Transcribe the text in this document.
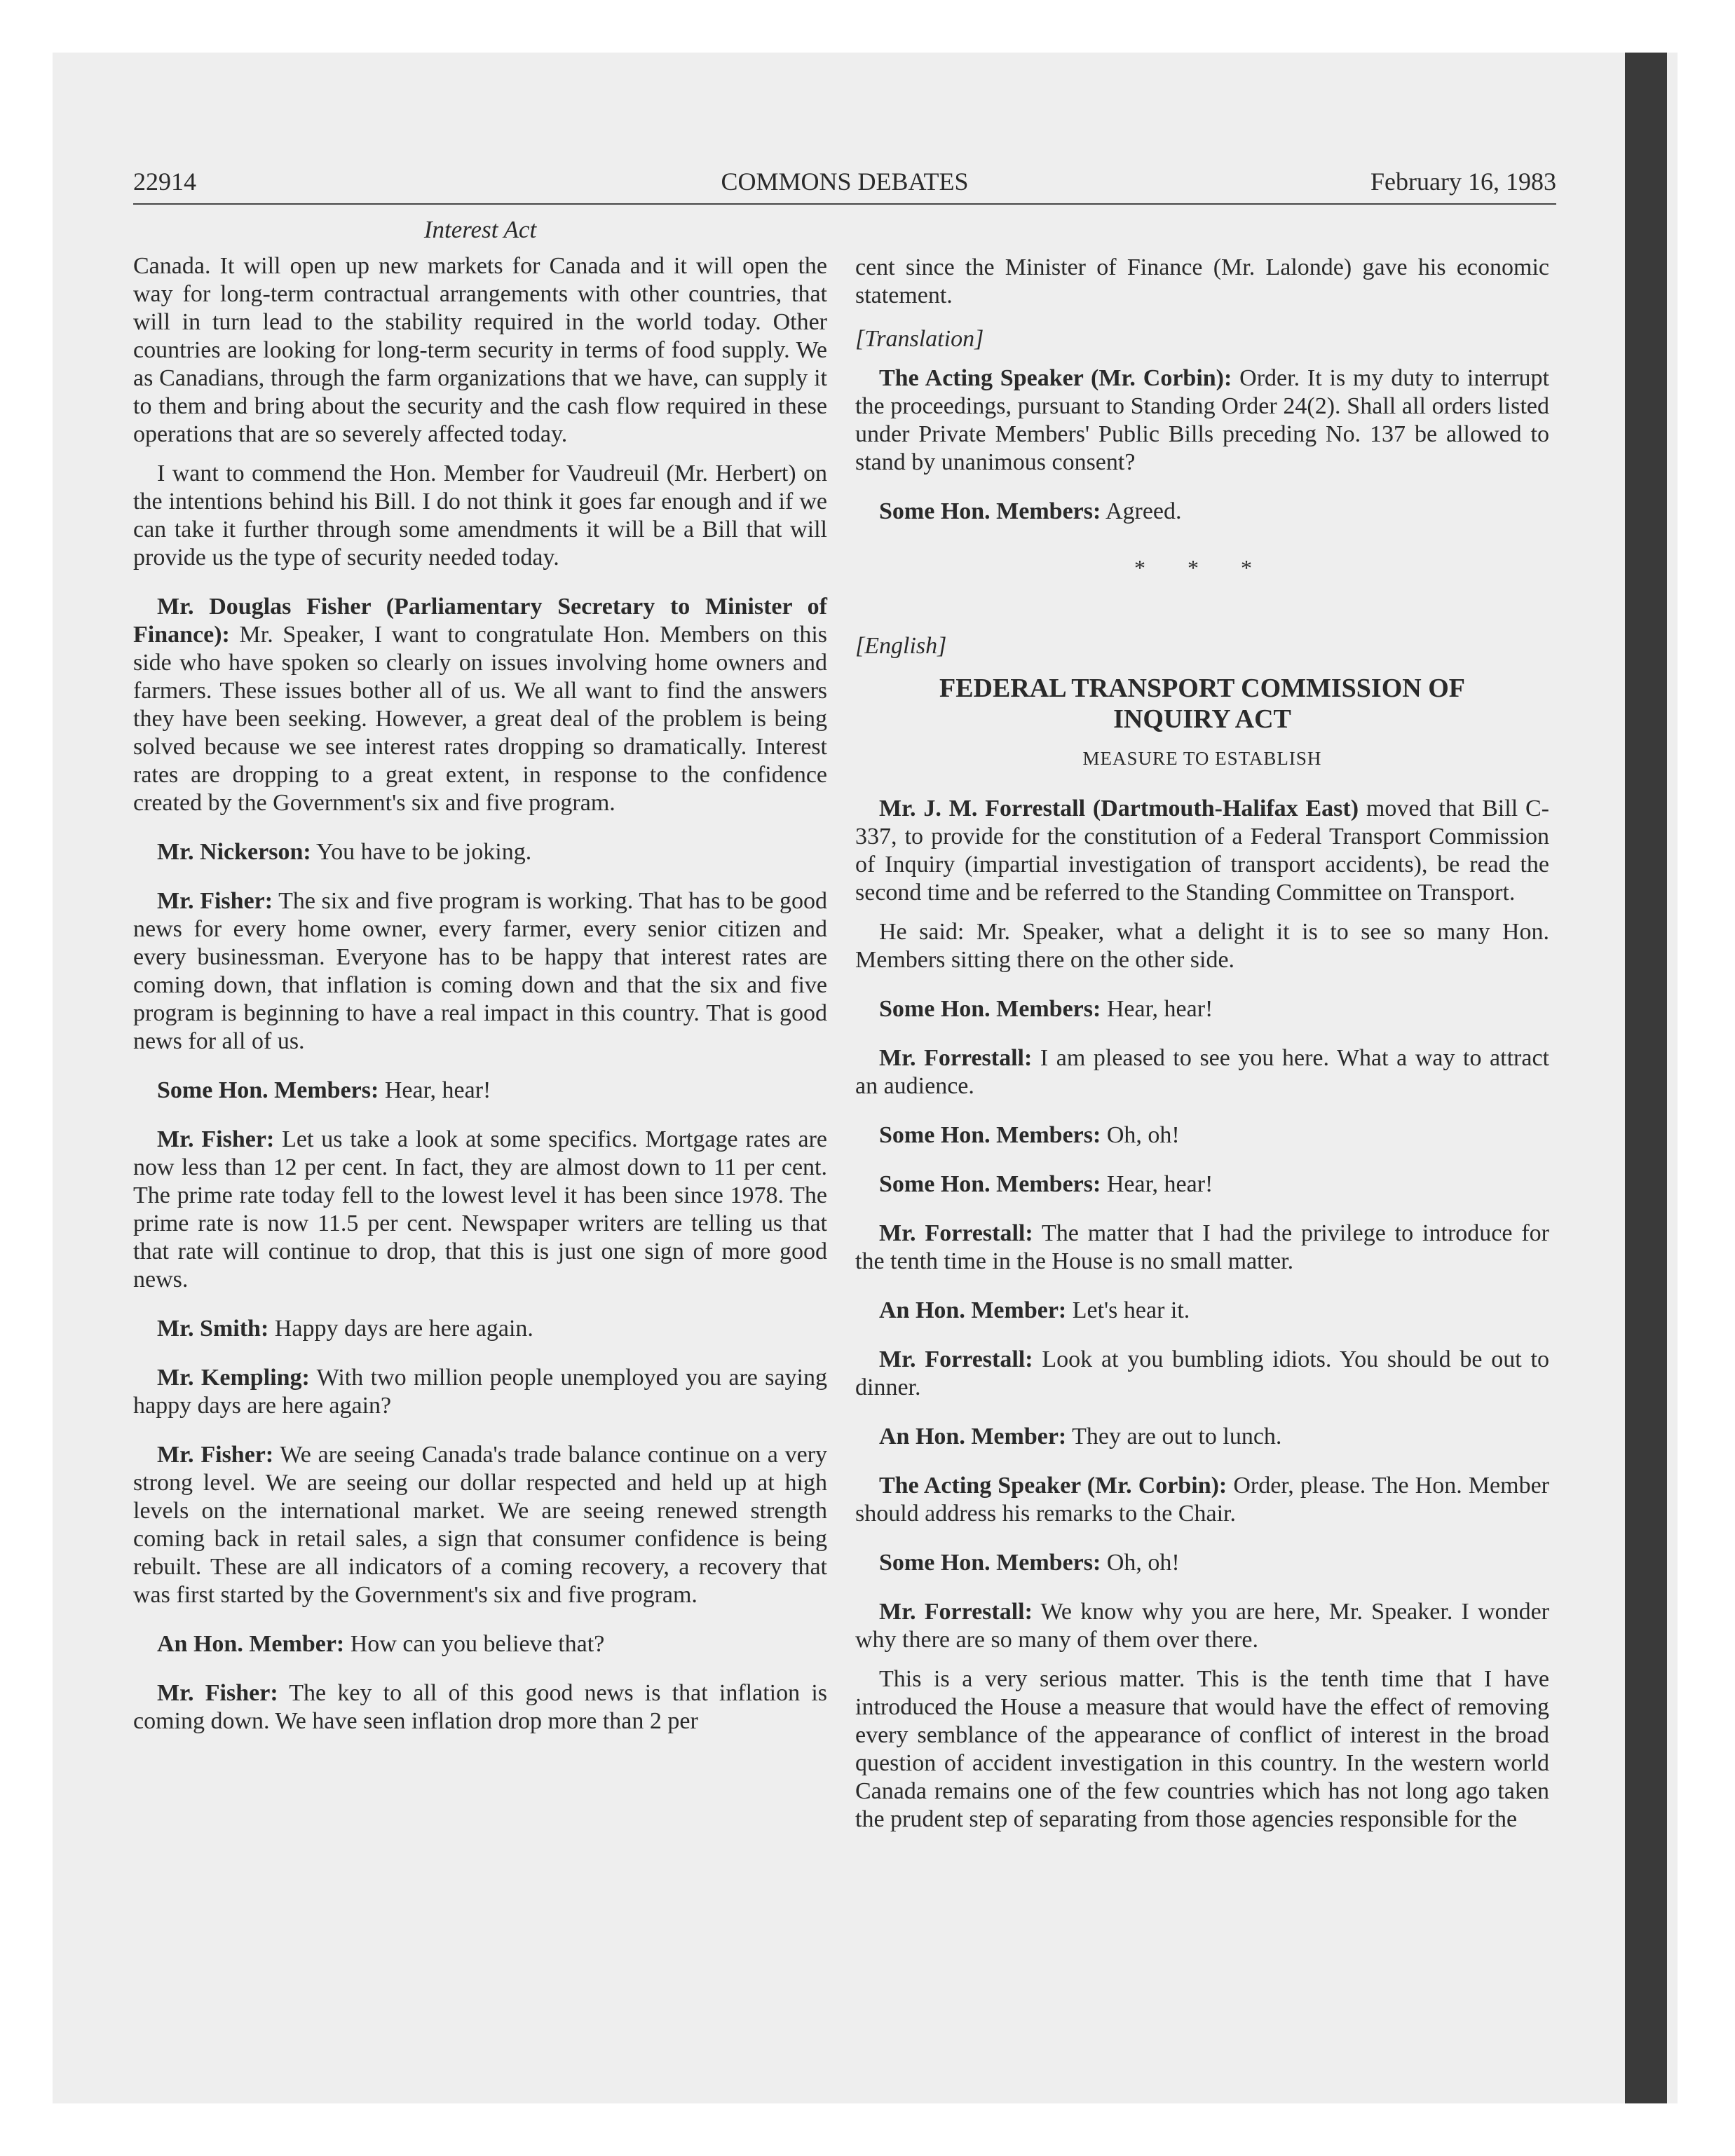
22914	COMMONS DEBATES	February 16, 1983
Interest Act

Canada. It will open up new markets for Canada and it will open the way for long-term contractual arrangements with other countries, that will in turn lead to the stability required in the world today. Other countries are looking for long-term security in terms of food supply. We as Canadians, through the farm organizations that we have, can supply it to them and bring about the security and the cash flow required in these operations that are so severely affected today.

I want to commend the Hon. Member for Vaudreuil (Mr. Herbert) on the intentions behind his Bill. I do not think it goes far enough and if we can take it further through some amendments it will be a Bill that will provide us the type of security needed today.

Mr. Douglas Fisher (Parliamentary Secretary to Minister of Finance): Mr. Speaker, I want to congratulate Hon. Members on this side who have spoken so clearly on issues involving home owners and farmers. These issues bother all of us. We all want to find the answers they have been seeking. However, a great deal of the problem is being solved because we see interest rates dropping so dramatically. Interest rates are dropping to a great extent, in response to the confidence created by the Government's six and five program.

Mr. Nickerson: You have to be joking.

Mr. Fisher: The six and five program is working. That has to be good news for every home owner, every farmer, every senior citizen and every businessman. Everyone has to be happy that interest rates are coming down, that inflation is coming down and that the six and five program is beginning to have a real impact in this country. That is good news for all of us.

Some Hon. Members: Hear, hear!

Mr. Fisher: Let us take a look at some specifics. Mortgage rates are now less than 12 per cent. In fact, they are almost down to 11 per cent. The prime rate today fell to the lowest level it has been since 1978. The prime rate is now 11.5 per cent. Newspaper writers are telling us that that rate will continue to drop, that this is just one sign of more good news.

Mr. Smith: Happy days are here again.

Mr. Kempling: With two million people unemployed you are saying happy days are here again?

Mr. Fisher: We are seeing Canada's trade balance continue on a very strong level. We are seeing our dollar respected and held up at high levels on the international market. We are seeing renewed strength coming back in retail sales, a sign that consumer confidence is being rebuilt. These are all indicators of a coming recovery, a recovery that was first started by the Government's six and five program.

An Hon. Member: How can you believe that?

Mr. Fisher: The key to all of this good news is that inflation is coming down. We have seen inflation drop more than 2 per

cent since the Minister of Finance (Mr. Lalonde) gave his economic statement.

[Translation]

The Acting Speaker (Mr. Corbin): Order. It is my duty to interrupt the proceedings, pursuant to Standing Order 24(2). Shall all orders listed under Private Members' Public Bills preceding No. 137 be allowed to stand by unanimous consent?

Some Hon. Members: Agreed.

* * *

[English]

FEDERAL TRANSPORT COMMISSION OF INQUIRY ACT
MEASURE TO ESTABLISH

Mr. J. M. Forrestall (Dartmouth-Halifax East) moved that Bill C-337, to provide for the constitution of a Federal Transport Commission of Inquiry (impartial investigation of transport accidents), be read the second time and be referred to the Standing Committee on Transport.

He said: Mr. Speaker, what a delight it is to see so many Hon. Members sitting there on the other side.

Some Hon. Members: Hear, hear!

Mr. Forrestall: I am pleased to see you here. What a way to attract an audience.

Some Hon. Members: Oh, oh!

Some Hon. Members: Hear, hear!

Mr. Forrestall: The matter that I had the privilege to introduce for the tenth time in the House is no small matter.

An Hon. Member: Let's hear it.

Mr. Forrestall: Look at you bumbling idiots. You should be out to dinner.

An Hon. Member: They are out to lunch.

The Acting Speaker (Mr. Corbin): Order, please. The Hon. Member should address his remarks to the Chair.

Some Hon. Members: Oh, oh!

Mr. Forrestall: We know why you are here, Mr. Speaker. I wonder why there are so many of them over there.

This is a very serious matter. This is the tenth time that I have introduced the House a measure that would have the effect of removing every semblance of the appearance of conflict of interest in the broad question of accident investigation in this country. In the western world Canada remains one of the few countries which has not long ago taken the prudent step of separating from those agencies responsible for the
